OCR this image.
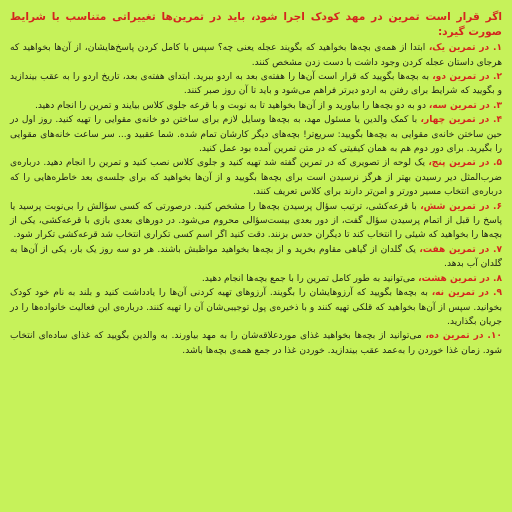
اگر قرار است تمرین در مهد کودک اجرا شود، باید در تمرین‌ها تغییراتی متناسب با شرایط صورت گیرد:

۱. در تمرین یک، ابتدا از همه‌ی بچه‌ها بخواهید که بگویند عجله یعنی چه؟ سپس با کامل کردن پاسخ‌هایشان، از آن‌ها بخواهید که هرجای داستان عجله کردن وجود داشت با دست زدن مشخص کنند.

۲. در تمرین دو، به بچه‌ها بگویید که قرار است آن‌ها را هفته‌ی بعد به اردو ببرید. ابتدای هفته‌ی بعد، تاریخ اردو را به عقب بیندازید و بگویید که شرایط برای رفتن به اردو دیرتر فراهم می‌شود و باید تا آن روز صبر کنند.

۳. در تمرین سه، دو به دو بچه‌ها را بیاورید و از آن‌ها بخواهید تا به نوبت و با قرعه جلوی کلاس بیایند و تمرین را انجام دهید.

۴. در تمرین چهار، با کمک والدین یا مسئول مهد، به بچه‌ها وسایل لازم برای ساختن دو خانه‌ی مقوایی را تهیه کنید. روز اول در حین ساختن خانه‌ی مقوایی به بچه‌ها بگویید: سریع‌تر! بچه‌های دیگر کارشان تمام شده. شما عقبید و... سر ساعت خانه‌های مقوایی را بگیرید. برای دور دوم هم به همان کیفیتی که در متن تمرین آمده بود عمل کنید.

۵. در تمرین پنج، یک لوحه از تصویری که در تمرین گفته شد تهیه کنید و جلوی کلاس نصب کنید و تمرین را انجام دهید. درباره‌ی ضرب‌المثل دیر رسیدن بهتر از هرگز نرسیدن است برای بچه‌ها بگویید و از آن‌ها بخواهید که برای جلسه‌ی بعد خاطره‌هایی را که درباره‌ی انتخاب مسیر دورتر و امن‌تر دارند برای کلاس تعریف کنند.

۶. در تمرین شش، با قرعه‌کشی، ترتیب سؤال پرسیدن بچه‌ها را مشخص کنید. درصورتی که کسی سؤالش را بی‌نوبت پرسید یا پاسخ را قبل از اتمام پرسیدن سؤال گفت، از دور بعدی بیست‌سؤالی محروم می‌شود. در دورهای بعدی بازی با قرعه‌کشی، یکی از بچه‌ها را بخواهید که شیئی را انتخاب کند تا دیگران حدس بزنند. دقت کنید اگر اسم کسی تکراری انتخاب شد قرعه‌کشی تکرار شود.

۷. در تمرین هفت، یک گلدان از گیاهی مقاوم بخرید و از بچه‌ها بخواهید مواظبش باشند. هر دو سه روز یک بار، یکی از آن‌ها به گلدان آب بدهد.

۸. در تمرین هشت، می‌توانید به طور کامل تمرین را با جمع بچه‌ها انجام دهید.

۹. در تمرین نه، به بچه‌ها بگویید که آرزوهایشان را بگویند. آرزوهای تهیه کردنی آن‌ها را یادداشت کنید و بلند به نام خود کودک بخوانید. سپس از آن‌ها بخواهید که قلکی تهیه کنند و با ذخیره‌ی پول توجیبی‌شان آن را تهیه کنند. درباره‌ی این فعالیت خانواده‌ها را در جریان بگذارید.

۱۰. در تمرین ده، می‌توانید از بچه‌ها بخواهید غذای موردعلاقه‌شان را به مهد بیاورند. به والدین بگویید که غذای ساده‌ای انتخاب شود. زمان غذا خوردن را به‌عمد عقب بیندازید. خوردن غذا در جمع همه‌ی بچه‌ها باشد.
